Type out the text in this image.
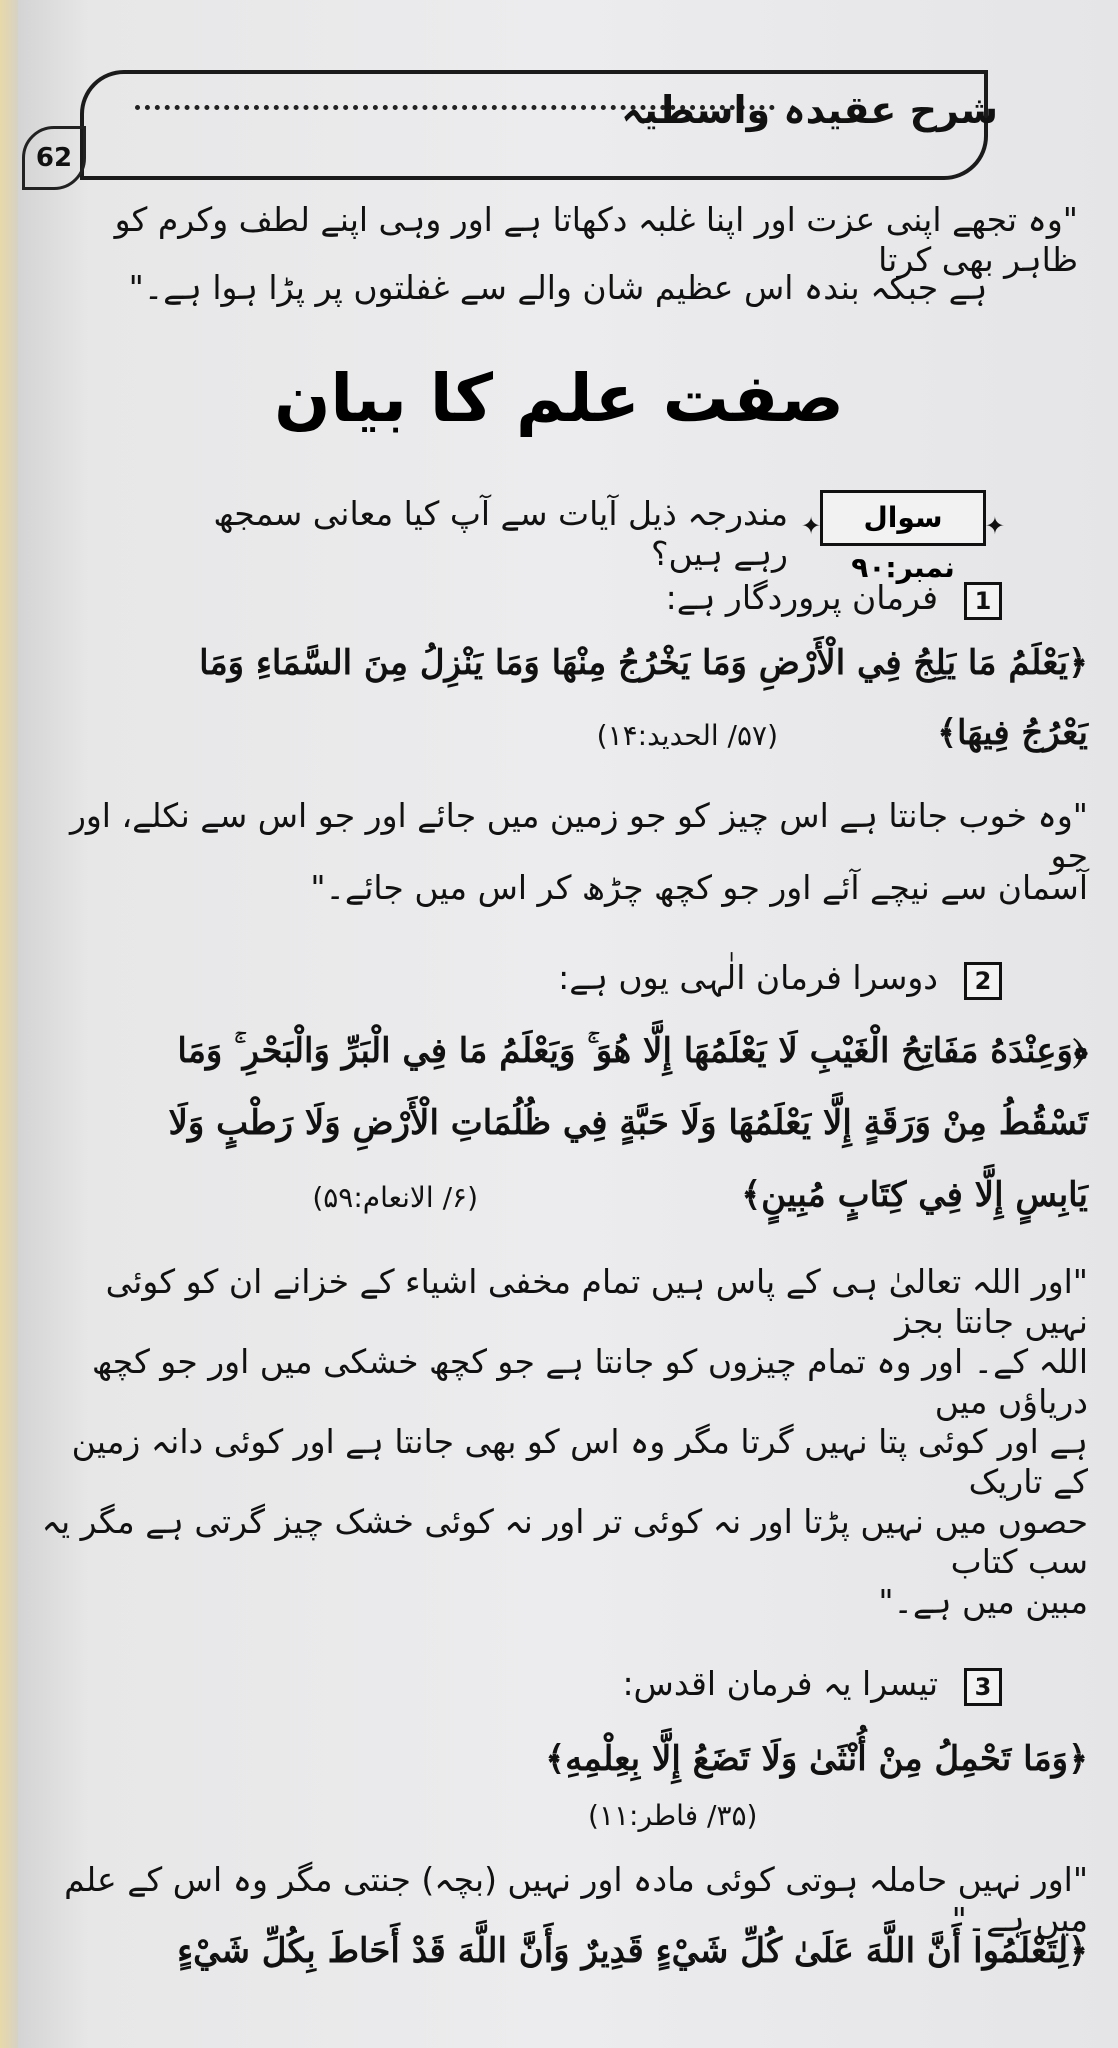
شرح عقیدہ واسطیہ
62
"وہ تجھے اپنی عزت اور اپنا غلبہ دکھاتا ہے اور وہی اپنے لطف وکرم کو ظاہر بھی کرتا
ہے جبکہ بندہ اس عظیم شان والے سے غفلتوں پر پڑا ہوا ہے۔"
صفت علم کا بیان
✦ سوال نمبر:۹۰ ✦
مندرجہ ذیل آیات سے آپ کیا معانی سمجھ رہے ہیں؟
1
فرمان پروردگار ہے:
﴿يَعْلَمُ مَا يَلِجُ فِي الْأَرْضِ وَمَا يَخْرُجُ مِنْهَا وَمَا يَنْزِلُ مِنَ السَّمَاءِ وَمَا
يَعْرُجُ فِيهَا﴾
(۵۷/ الحدید:۱۴)
"وہ خوب جانتا ہے اس چیز کو جو زمین میں جائے اور جو اس سے نکلے، اور جو
آسمان سے نیچے آئے اور جو کچھ چڑھ کر اس میں جائے۔"
2
دوسرا فرمان الٰہی یوں ہے:
﴿وَعِنْدَهُ مَفَاتِحُ الْغَيْبِ لَا يَعْلَمُهَا إِلَّا هُوَ ۚ وَيَعْلَمُ مَا فِي الْبَرِّ وَالْبَحْرِ ۚ وَمَا
تَسْقُطُ مِنْ وَرَقَةٍ إِلَّا يَعْلَمُهَا وَلَا حَبَّةٍ فِي ظُلُمَاتِ الْأَرْضِ وَلَا رَطْبٍ وَلَا
يَابِسٍ إِلَّا فِي كِتَابٍ مُبِينٍ﴾
(۶/ الانعام:۵۹)
"اور اللہ تعالیٰ ہی کے پاس ہیں تمام مخفی اشیاء کے خزانے ان کو کوئی نہیں جانتا بجز
اللہ کے۔ اور وہ تمام چیزوں کو جانتا ہے جو کچھ خشکی میں اور جو کچھ دریاؤں میں
ہے اور کوئی پتا نہیں گرتا مگر وہ اس کو بھی جانتا ہے اور کوئی دانہ زمین کے تاریک
حصوں میں نہیں پڑتا اور نہ کوئی تر اور نہ کوئی خشک چیز گرتی ہے مگر یہ سب کتاب
مبین میں ہے۔"
3
تیسرا یہ فرمان اقدس:
﴿وَمَا تَحْمِلُ مِنْ أُنْثَىٰ وَلَا تَضَعُ إِلَّا بِعِلْمِهِ﴾
(۳۵/ فاطر:۱۱)
"اور نہیں حاملہ ہوتی کوئی مادہ اور نہیں (بچہ) جنتی مگر وہ اس کے علم میں ہے۔"
﴿لِتَعْلَمُوا أَنَّ اللَّهَ عَلَىٰ كُلِّ شَيْءٍ قَدِيرٌ وَأَنَّ اللَّهَ قَدْ أَحَاطَ بِكُلِّ شَيْءٍ
